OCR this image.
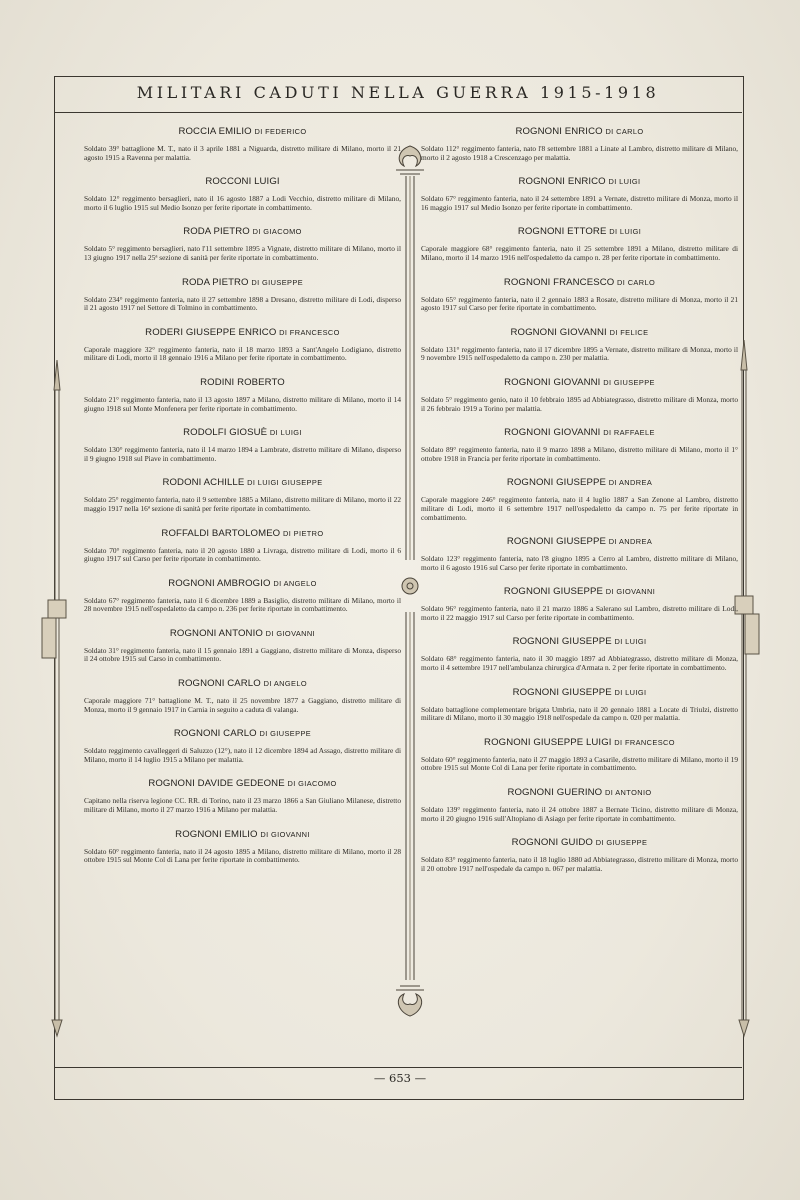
MILITARI CADUTI NELLA GUERRA 1915-1918
ROCCIA EMILIO DI FEDERICO

Soldato 39° battaglione M. T., nato il 3 aprile 1881 a Niguarda, distretto militare di Milano, morto il 21 agosto 1915 a Ravenna per malattia.

ROCCONI LUIGI

Soldato 12° reggimento bersaglieri, nato il 16 agosto 1887 a Lodi Vecchio, distretto militare di Milano, morto il 6 luglio 1915 sul Medio Isonzo per ferite riportate in combattimento.

RODA PIETRO DI GIACOMO

Soldato 5° reggimento bersaglieri, nato l'11 settembre 1895 a Vignate, distretto militare di Milano, morto il 13 giugno 1917 nella 25ª sezione di sanità per ferite riportate in combattimento.

RODA PIETRO DI GIUSEPPE

Soldato 234° reggimento fanteria, nato il 27 settembre 1898 a Dresano, distretto militare di Lodi, disperso il 21 agosto 1917 nel Settore di Tolmino in combattimento.

RODERI GIUSEPPE ENRICO DI FRANCESCO

Caporale maggiore 32° reggimento fanteria, nato il 18 marzo 1893 a Sant'Angelo Lodigiano, distretto militare di Lodi, morto il 18 gennaio 1916 a Milano per ferite riportate in combattimento.

RODINI ROBERTO

Soldato 21° reggimento fanteria, nato il 13 agosto 1897 a Milano, distretto militare di Milano, morto il 14 giugno 1918 sul Monte Monfenera per ferite riportate in combattimento.

RODOLFI GIOSUÈ DI LUIGI

Soldato 130° reggimento fanteria, nato il 14 marzo 1894 a Lambrate, distretto militare di Milano, disperso il 9 giugno 1918 sul Piave in combattimento.

RODONI ACHILLE DI LUIGI GIUSEPPE

Soldato 25° reggimento fanteria, nato il 9 settembre 1885 a Milano, distretto militare di Milano, morto il 22 maggio 1917 nella 16ª sezione di sanità per ferite riportate in combattimento.

ROFFALDI BARTOLOMEO DI PIETRO

Soldato 70° reggimento fanteria, nato il 20 agosto 1880 a Livraga, distretto militare di Lodi, morto il 6 giugno 1917 sul Carso per ferite riportate in combattimento.

ROGNONI AMBROGIO DI ANGELO

Soldato 67° reggimento fanteria, nato il 6 dicembre 1889 a Basiglio, distretto militare di Milano, morto il 28 novembre 1915 nell'ospedaletto da campo n. 236 per ferite riportate in combattimento.

ROGNONI ANTONIO DI GIOVANNI

Soldato 31° reggimento fanteria, nato il 15 gennaio 1891 a Gaggiano, distretto militare di Monza, disperso il 24 ottobre 1915 sul Carso in combattimento.

ROGNONI CARLO DI ANGELO

Caporale maggiore 71° battaglione M. T., nato il 25 novembre 1877 a Gaggiano, distretto militare di Monza, morto il 9 gennaio 1917 in Carnia in seguito a caduta di valanga.

ROGNONI CARLO DI GIUSEPPE

Soldato reggimento cavalleggeri di Saluzzo (12°), nato il 12 dicembre 1894 ad Assago, distretto militare di Milano, morto il 14 luglio 1915 a Milano per malattia.

ROGNONI DAVIDE GEDEONE DI GIACOMO

Capitano nella riserva legione CC. RR. di Torino, nato il 23 marzo 1866 a San Giuliano Milanese, distretto militare di Milano, morto il 27 marzo 1916 a Milano per malattia.

ROGNONI EMILIO DI GIOVANNI

Soldato 60° reggimento fanteria, nato il 24 agosto 1895 a Milano, distretto militare di Milano, morto il 28 ottobre 1915 sul Monte Col di Lana per ferite riportate in combattimento.

ROGNONI ENRICO DI CARLO

Soldato 112° reggimento fanteria, nato l'8 settembre 1881 a Linate al Lambro, distretto militare di Milano, morto il 2 agosto 1918 a Crescenzago per malattia.

ROGNONI ENRICO DI LUIGI

Soldato 67° reggimento fanteria, nato il 24 settembre 1891 a Vernate, distretto militare di Monza, morto il 16 maggio 1917 sul Medio Isonzo per ferite riportate in combattimento.

ROGNONI ETTORE DI LUIGI

Caporale maggiore 68° reggimento fanteria, nato il 25 settembre 1891 a Milano, distretto militare di Milano, morto il 14 marzo 1916 nell'ospedaletto da campo n. 28 per ferite riportate in combattimento.

ROGNONI FRANCESCO DI CARLO

Soldato 65° reggimento fanteria, nato il 2 gennaio 1883 a Rosate, distretto militare di Monza, morto il 21 agosto 1917 sul Carso per ferite riportate in combattimento.

ROGNONI GIOVANNI DI FELICE

Soldato 131° reggimento fanteria, nato il 17 dicembre 1895 a Vernate, distretto militare di Monza, morto il 9 novembre 1915 nell'ospedaletto da campo n. 230 per malattia.

ROGNONI GIOVANNI DI GIUSEPPE

Soldato 5° reggimento genio, nato il 10 febbraio 1895 ad Abbiategrasso, distretto militare di Monza, morto il 26 febbraio 1919 a Torino per malattia.

ROGNONI GIOVANNI DI RAFFAELE

Soldato 89° reggimento fanteria, nato il 9 marzo 1898 a Milano, distretto militare di Milano, morto il 1° ottobre 1918 in Francia per ferite riportate in combattimento.

ROGNONI GIUSEPPE DI ANDREA

Caporale maggiore 246° reggimento fanteria, nato il 4 luglio 1887 a San Zenone al Lambro, distretto militare di Lodi, morto il 6 settembre 1917 nell'ospedaletto da campo n. 75 per ferite riportate in combattimento.

ROGNONI GIUSEPPE DI ANDREA

Soldato 123° reggimento fanteria, nato l'8 giugno 1895 a Cerro al Lambro, distretto militare di Milano, morto il 6 agosto 1916 sul Carso per ferite riportate in combattimento.

ROGNONI GIUSEPPE DI GIOVANNI

Soldato 96° reggimento fanteria, nato il 21 marzo 1886 a Salerano sul Lambro, distretto militare di Lodi, morto il 22 maggio 1917 sul Carso per ferite riportate in combattimento.

ROGNONI GIUSEPPE DI LUIGI

Soldato 68° reggimento fanteria, nato il 30 maggio 1897 ad Abbiategrasso, distretto militare di Monza, morto il 4 settembre 1917 nell'ambulanza chirurgica d'Armata n. 2 per ferite riportate in combattimento.

ROGNONI GIUSEPPE DI LUIGI

Soldato battaglione complementare brigata Umbria, nato il 20 gennaio 1881 a Locate di Triulzi, distretto militare di Milano, morto il 30 maggio 1918 nell'ospedale da campo n. 020 per malattia.

ROGNONI GIUSEPPE LUIGI DI FRANCESCO

Soldato 60° reggimento fanteria, nato il 27 maggio 1893 a Casarile, distretto militare di Milano, morto il 19 ottobre 1915 sul Monte Col di Lana per ferite riportate in combattimento.

ROGNONI GUERINO DI ANTONIO

Soldato 139° reggimento fanteria, nato il 24 ottobre 1887 a Bernate Ticino, distretto militare di Monza, morto il 20 giugno 1916 sull'Altopiano di Asiago per ferite riportate in combattimento.

ROGNONI GUIDO DI GIUSEPPE

Soldato 83° reggimento fanteria, nato il 18 luglio 1880 ad Abbiategrasso, distretto militare di Monza, morto il 20 ottobre 1917 nell'ospedale da campo n. 067 per malattia.

— 653 —
